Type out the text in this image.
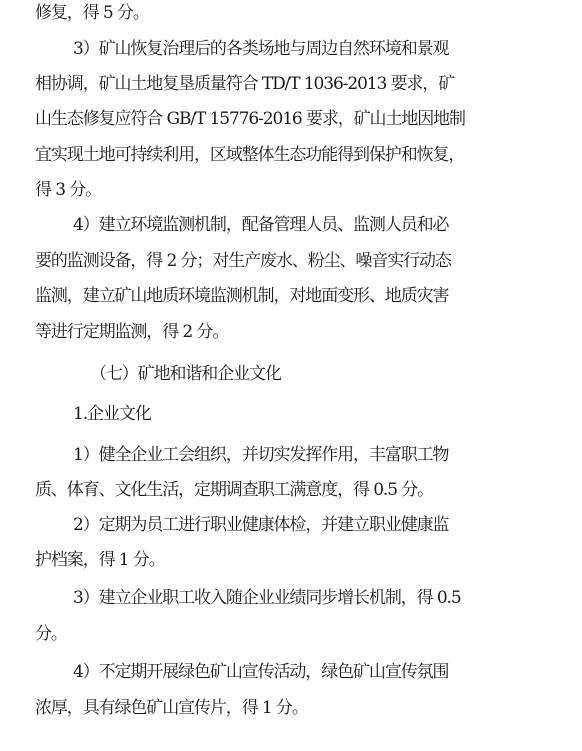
修复，得 5 分。
3）矿山恢复治理后的各类场地与周边自然环境和景观
相协调，矿山土地复垦质量符合 TD/T 1036-2013 要求，矿
山生态修复应符合 GB/T 15776-2016 要求，矿山土地因地制
宜实现土地可持续利用，区域整体生态功能得到保护和恢复，
得 3 分。
4）建立环境监测机制，配备管理人员、监测人员和必
要的监测设备，得 2 分；对生产废水、粉尘、噪音实行动态
监测，建立矿山地质环境监测机制，对地面变形、地质灾害
等进行定期监测，得 2 分。
（七）矿地和谐和企业文化
1.企业文化
1）健全企业工会组织，并切实发挥作用，丰富职工物
质、体育、文化生活，定期调查职工满意度，得 0.5 分。
2）定期为员工进行职业健康体检，并建立职业健康监
护档案，得 1 分。
3）建立企业职工收入随企业业绩同步增长机制，得 0.5
分。
4）不定期开展绿色矿山宣传活动，绿色矿山宣传氛围
浓厚，具有绿色矿山宣传片，得 1 分。
